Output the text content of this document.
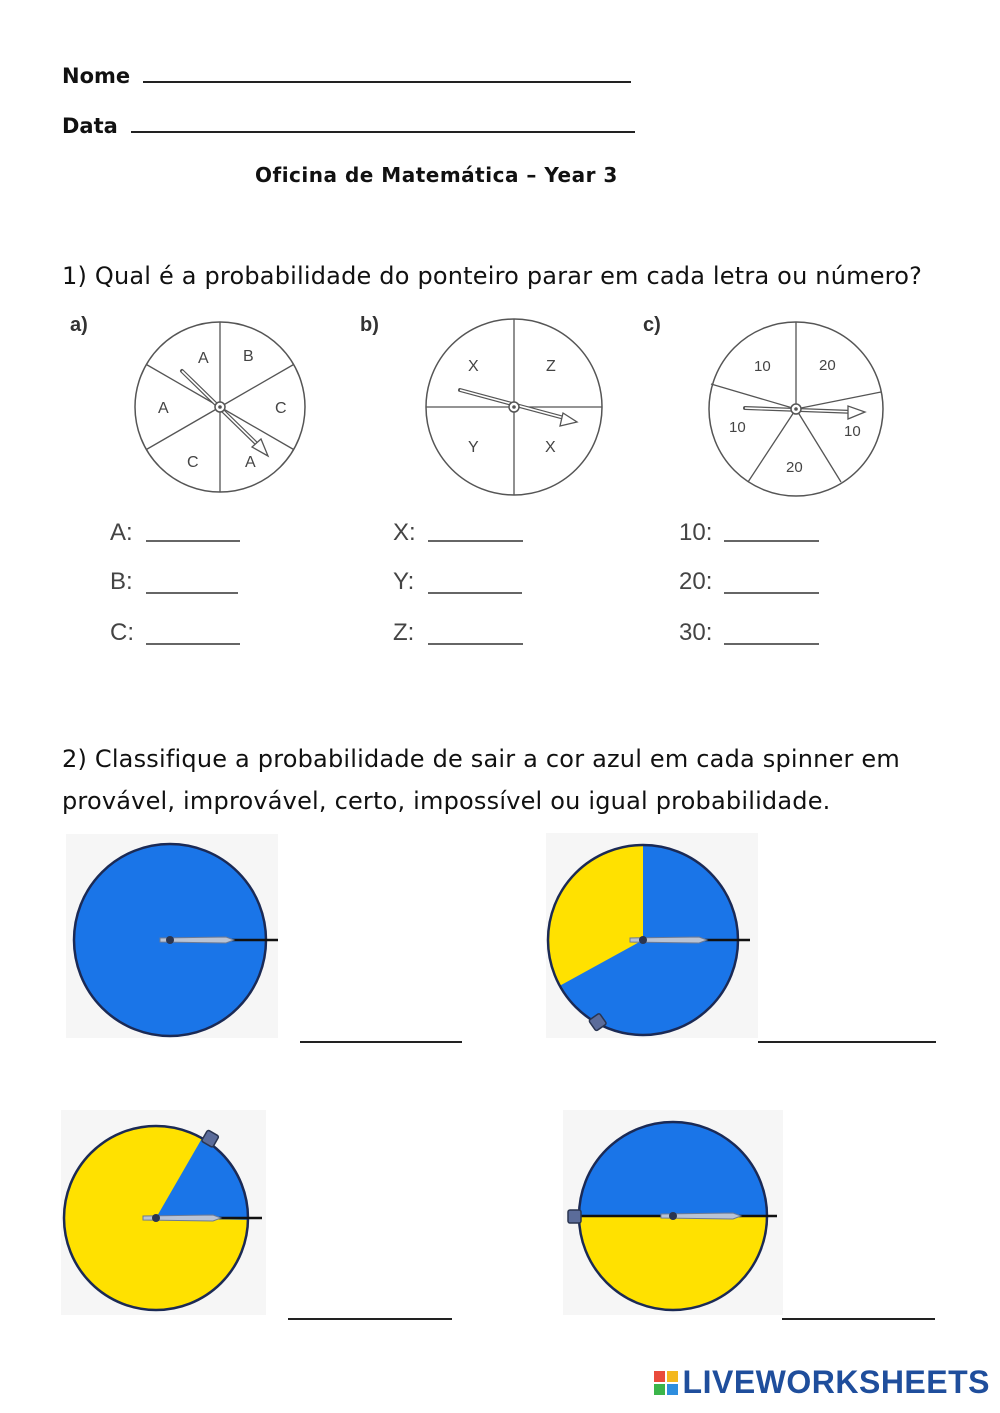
Nome
Data
Oficina de Matemática – Year 3
1) Qual é a probabilidade do ponteiro parar em cada letra ou número?
a)
A B
C
A
C
A
A:
B:
C:
b)
X	Z
X
Y
X:
Y:
Z:
c)
10	20
10
20
10
10:
20:
30:
2) Classifique a probabilidade de sair a cor azul em cada spinner em
provável, improvável, certo, impossível ou igual probabilidade.
LIVEWORKSHEETS
